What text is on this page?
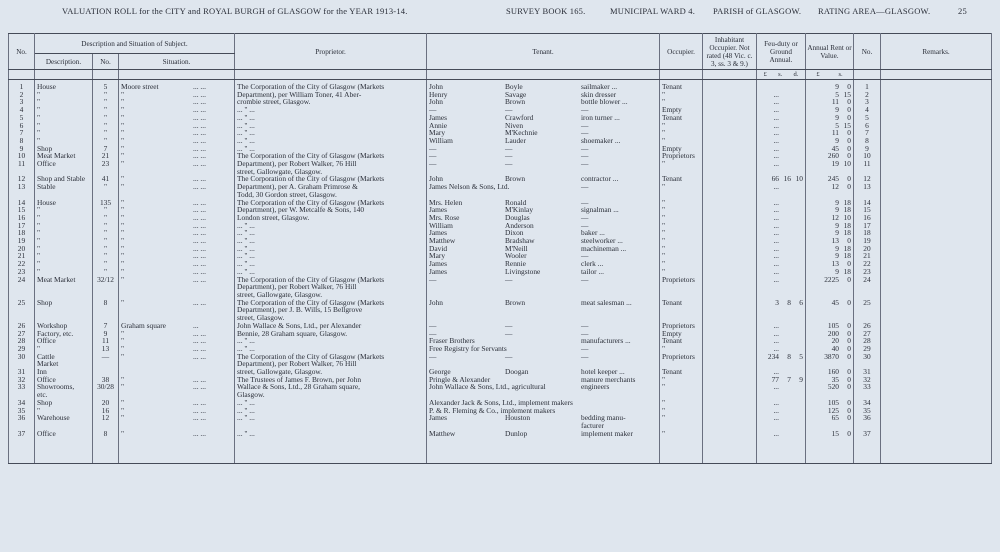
VALUATION ROLL for the CITY and ROYAL BURGH of GLASGOW for the YEAR 1913-14.	SURVEY BOOK 165.	MUNICIPAL WARD 4. PARISH of GLASGOW. RATING AREA—GLASGOW.	25
No.	Description and Situation of Subject.			Proprietor.	Tenant.	Occupier.	Inhabitant Occupier. Not rated (48 Vic. c. 3, ss. 3 & 9.)	Feu-duty or Ground Annual.	Annual Rent or Value.	No.	Remarks.
	Description.	No.	Situation.								

								£ s. d.	£ s.		

1	House	5	Moore street ... ...	The Corporation of the City of Glasgow (Markets	John Boyle sailmaker ...	Tenant			9 0	1	
2	"	"	" ... ...	Department), per William Toner, 41 Aber-	Henry Savage skin dresser	"		...	5 15	2	
3	"	"	" ... ...	crombie street, Glasgow.	John Brown bottle blower ...	"		...	11 0	3	
4	"	"	" ... ...	... " ...	— — —	Empty		...	9 0	4	
5	"	"	" ... ...	... " ...	James Crawford iron turner ...	Tenant		...	9 0	5	
6	"	"	" ... ...	... " ...	Annie Niven —	"		...	5 15	6	
7	"	"	" ... ...	... " ...	Mary M'Kechnie —	"		...	11 0	7	
8	"	"	" ... ...	... " ...	William Lauder shoemaker ...	"		...	9 0	8	
9	Shop	7	" ... ...	... " ...	— — —	Empty		...	45 0	9	
10	Meat Market	21	" ... ...	The Corporation of the City of Glasgow (Markets	— — —	Proprietors		...	260 0	10	
11	Office	23	" ... ...	Department), per Robert Walker, 76 Hill	— — —	"		...	19 10	11	

	street, Gallowgate, Glasgow.	

12	Shop and Stable	41	" ... ...	The Corporation of the City of Glasgow (Markets	John Brown contractor ...	Tenant		66 16 10	245 0	12	
13	Stable	"	" ... ...	Department), per A. Graham Primrose &	James Nelson & Sons, Ltd. —	"		...	12 0	13	

	Todd, 30 Gordon street, Glasgow.	

14	House	135	" ... ...	The Corporation of the City of Glasgow (Markets	Mrs. Helen Ronald —	"		...	9 18	14	
15	"	"	" ... ...	Department), per W. Metcalfe & Sons, 140	James M'Kinlay signalman ...	"		...	9 18	15	
16	"	"	" ... ...	London street, Glasgow.	Mrs. Rose Douglas —	"		...	12 10	16	
17	"	"	" ... ...	... " ...	William Anderson —	"		...	9 18	17	
18	"	"	" ... ...	... " ...	James Dixon baker ...	"		...	9 18	18	
19	"	"	" ... ...	... " ...	Matthew Bradshaw steelworker ...	"		...	13 0	19	
20	"	"	" ... ...	... " ...	David M'Neill machineman ...	"		...	9 18	20	
21	"	"	" ... ...	... " ...	Mary Wooler —	"		...	9 18	21	
22	"	"	" ... ...	... " ...	James Rennie clerk ...	"		...	13 0	22	
23	"	"	" ... ...	... " ...	James Livingstone tailor ...	"		...	9 18	23	
24	Meat Market	32/12	" ... ...	The Corporation of the City of Glasgow (Markets	— — —	Proprietors		...	2225 0	24	

	Department), per Robert Walker, 76 Hill	

	street, Gallowgate, Glasgow.	

25	Shop	8	" ... ...	The Corporation of the City of Glasgow (Markets	John Brown meat salesman ...	Tenant		3 8 6	45 0	25	

	Department), per J. B. Wills, 15 Bellgrove	

	street, Glasgow.	

26	Workshop	7	Graham square ...	John Wallace & Sons, Ltd., per Alexander	— — —	Proprietors		...	105 0	26	
27	Factory, etc.	9	" ... ...	Bennie, 28 Graham square, Glasgow.	— — —	Empty		...	200 0	27	
28	Office	11	" ... ...	... " ...	Fraser Brothers manufacturers ...	Tenant		...	20 0	28	
29	"	13	" ... ...	... " ...	Free Registry for Servants —	"		...	40 0	29	
30	Cattle	—	" ... ...	The Corporation of the City of Glasgow (Markets	— — —	Proprietors		234 8 5	3870 0	30	
	Market			Department), per Robert Walker, 76 Hill	

31	Inn			street, Gallowgate, Glasgow.	George Doogan hotel keeper ...	Tenant		...	160 0	31	
32	Office	38	" ... ...	The Trustees of James F. Brown, per John	Pringle & Alexander manure merchants	"		77 7 9	35 0	32	
33	Showrooms,	30/28	" ... ...	Wallace & Sons, Ltd., 28 Graham square,	John Wallace & Sons, Ltd., agricultural engineers	"		...	520 0	33	
	etc.			Glasgow.	

34	Shop	20	" ... ...	... " ...	Alexander Jack & Sons, Ltd., implement makers	"		...	105 0	34	
35	"	16	" ... ...	... " ...	P. & R. Fleming & Co., implement makers	"		...	125 0	35	
36	Warehouse	12	" ... ...	... " ...	James Houston bedding manu-	"		...	65 0	36	

					facturer						

37	Office	8	" ... ...	... " ...	Matthew Dunlop implement maker	"		...	15 0	37	
